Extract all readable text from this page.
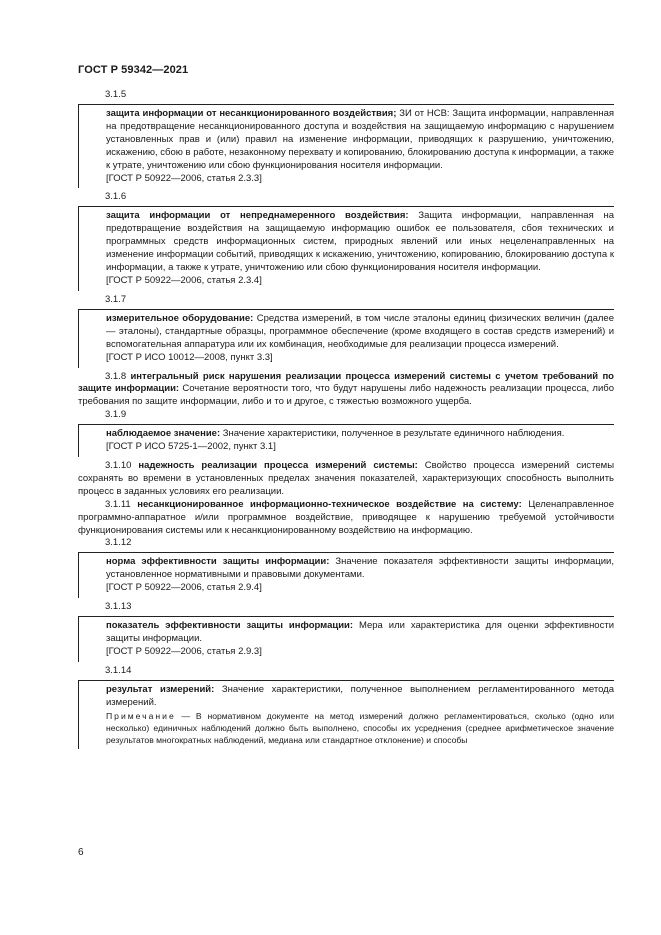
ГОСТ Р 59342—2021
3.1.5

защита информации от несанкционированного воздействия; ЗИ от НСВ: Защита информации, направленная на предотвращение несанкционированного доступа и воздействия на защищаемую информацию с нарушением установленных прав и (или) правил на изменение информации, приводящих к разрушению, уничтожению, искажению, сбою в работе, незаконному перехвату и копированию, блокированию доступа к информации, а также к утрате, уничтожению или сбою функционирования носителя информации.

[ГОСТ Р 50922—2006, статья 2.3.3]

3.1.6

защита информации от непреднамеренного воздействия: Защита информации, направленная на предотвращение воздействия на защищаемую информацию ошибок ее пользователя, сбоя технических и программных средств информационных систем, природных явлений или иных нецеленаправленных на изменение информации событий, приводящих к искажению, уничтожению, копированию, блокированию доступа к информации, а также к утрате, уничтожению или сбою функционирования носителя информации.

[ГОСТ Р 50922—2006, статья 2.3.4]

3.1.7

измерительное оборудование: Средства измерений, в том числе эталоны единиц физических величин (далее — эталоны), стандартные образцы, программное обеспечение (кроме входящего в состав средств измерений) и вспомогательная аппаратура или их комбинация, необходимые для реализации процесса измерений.

[ГОСТ Р ИСО 10012—2008, пункт 3.3]

3.1.8 интегральный риск нарушения реализации процесса измерений системы с учетом требований по защите информации: Сочетание вероятности того, что будут нарушены либо надежность реализации процесса, либо требования по защите информации, либо и то и другое, с тяжестью возможного ущерба.

3.1.9

наблюдаемое значение: Значение характеристики, полученное в результате единичного наблюдения.

[ГОСТ Р ИСО 5725-1—2002, пункт 3.1]

3.1.10 надежность реализации процесса измерений системы: Свойство процесса измерений системы сохранять во времени в установленных пределах значения показателей, характеризующих способность выполнить процесс в заданных условиях его реализации.

3.1.11 несанкционированное информационно-техническое воздействие на систему: Целенаправленное программно-аппаратное и/или программное воздействие, приводящее к нарушению требуемой устойчивости функционирования системы или к несанкционированному воздействию на информацию.

3.1.12

норма эффективности защиты информации: Значение показателя эффективности защиты информации, установленное нормативными и правовыми документами.

[ГОСТ Р 50922—2006, статья 2.9.4]

3.1.13

показатель эффективности защиты информации: Мера или характеристика для оценки эффективности защиты информации.

[ГОСТ Р 50922—2006, статья 2.9.3]

3.1.14

результат измерений: Значение характеристики, полученное выполнением регламентированного метода измерений.

Примечание — В нормативном документе на метод измерений должно регламентироваться, сколько (одно или несколько) единичных наблюдений должно быть выполнено, способы их усреднения (среднее арифметическое значение результатов многократных наблюдений, медиана или стандартное отклонение) и способы

6
